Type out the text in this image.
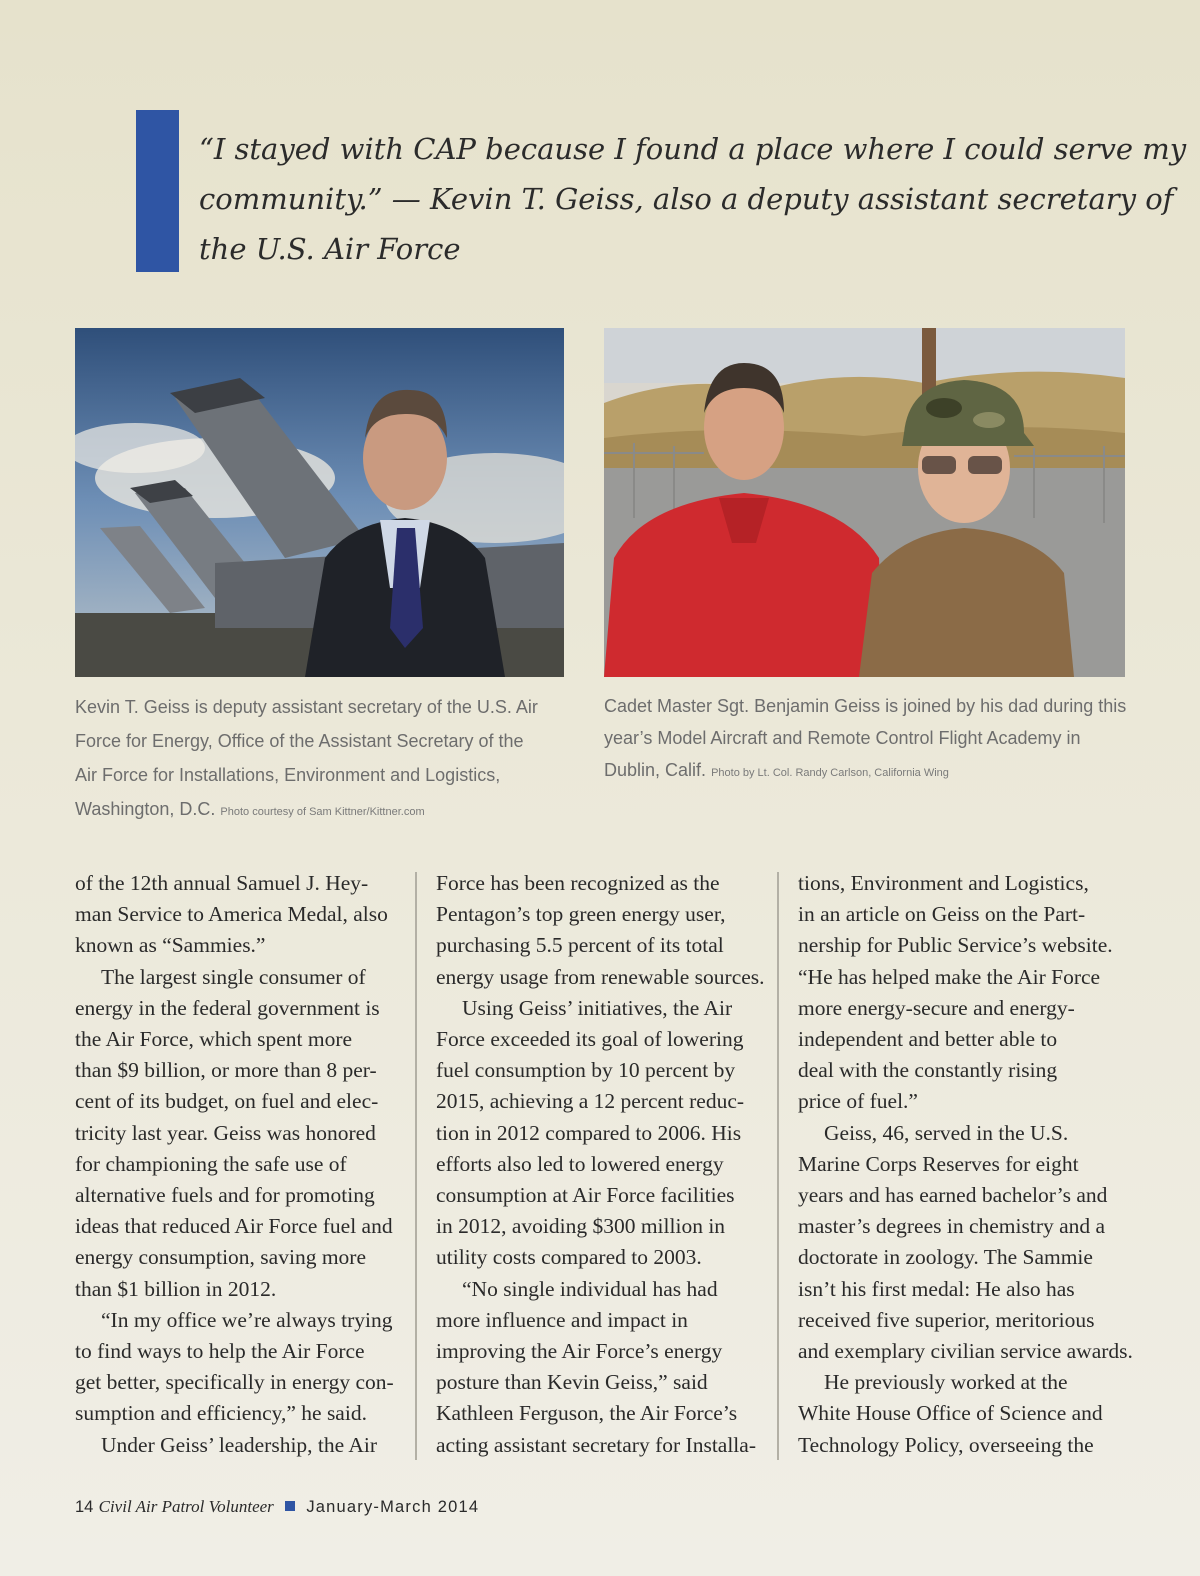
“I stayed with CAP because I found a place where I could serve my
community.” — Kevin T. Geiss, also a deputy assistant secretary of
the U.S. Air Force
Kevin T. Geiss is deputy assistant secretary of the U.S. Air
Force for Energy, Office of the Assistant Secretary of the
Air Force for Installations, Environment and Logistics,
Washington, D.C. Photo courtesy of Sam Kittner/Kittner.com
Cadet Master Sgt. Benjamin Geiss is joined by his dad during this
year’s Model Aircraft and Remote Control Flight Academy in
Dublin, Calif. Photo by Lt. Col. Randy Carlson, California Wing
of the 12th annual Samuel J. Hey-
man Service to America Medal, also
known as “Sammies.”
The largest single consumer of
energy in the federal government is
the Air Force, which spent more
than $9 billion, or more than 8 per-
cent of its budget, on fuel and elec-
tricity last year. Geiss was honored
for championing the safe use of
alternative fuels and for promoting
ideas that reduced Air Force fuel and
energy consumption, saving more
than $1 billion in 2012.
“In my office we’re always trying
to find ways to help the Air Force
get better, specifically in energy con-
sumption and efficiency,” he said.
Under Geiss’ leadership, the Air
Force has been recognized as the
Pentagon’s top green energy user,
purchasing 5.5 percent of its total
energy usage from renewable sources.
Using Geiss’ initiatives, the Air
Force exceeded its goal of lowering
fuel consumption by 10 percent by
2015, achieving a 12 percent reduc-
tion in 2012 compared to 2006. His
efforts also led to lowered energy
consumption at Air Force facilities
in 2012, avoiding $300 million in
utility costs compared to 2003.
“No single individual has had
more influence and impact in
improving the Air Force’s energy
posture than Kevin Geiss,” said
Kathleen Ferguson, the Air Force’s
acting assistant secretary for Installa-
tions, Environment and Logistics,
in an article on Geiss on the Part-
nership for Public Service’s website.
“He has helped make the Air Force
more energy-secure and energy-
independent and better able to
deal with the constantly rising
price of fuel.”
Geiss, 46, served in the U.S.
Marine Corps Reserves for eight
years and has earned bachelor’s and
master’s degrees in chemistry and a
doctorate in zoology. The Sammie
isn’t his first medal: He also has
received five superior, meritorious
and exemplary civilian service awards.
He previously worked at the
White House Office of Science and
Technology Policy, overseeing the
14 Civil Air Patrol Volunteer January-March 2014
